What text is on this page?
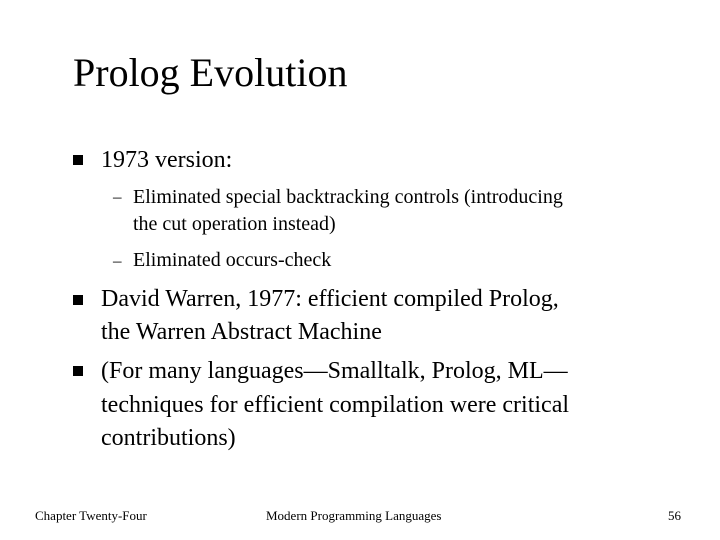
Prolog Evolution
1973 version:
– Eliminated special backtracking controls (introducing
the cut operation instead)
– Eliminated occurs-check
David Warren, 1977: efficient compiled Prolog,
the Warren Abstract Machine
(For many languages—Smalltalk, Prolog, ML—
techniques for efficient compilation were critical
contributions)
Chapter Twenty-Four	Modern Programming Languages	56
